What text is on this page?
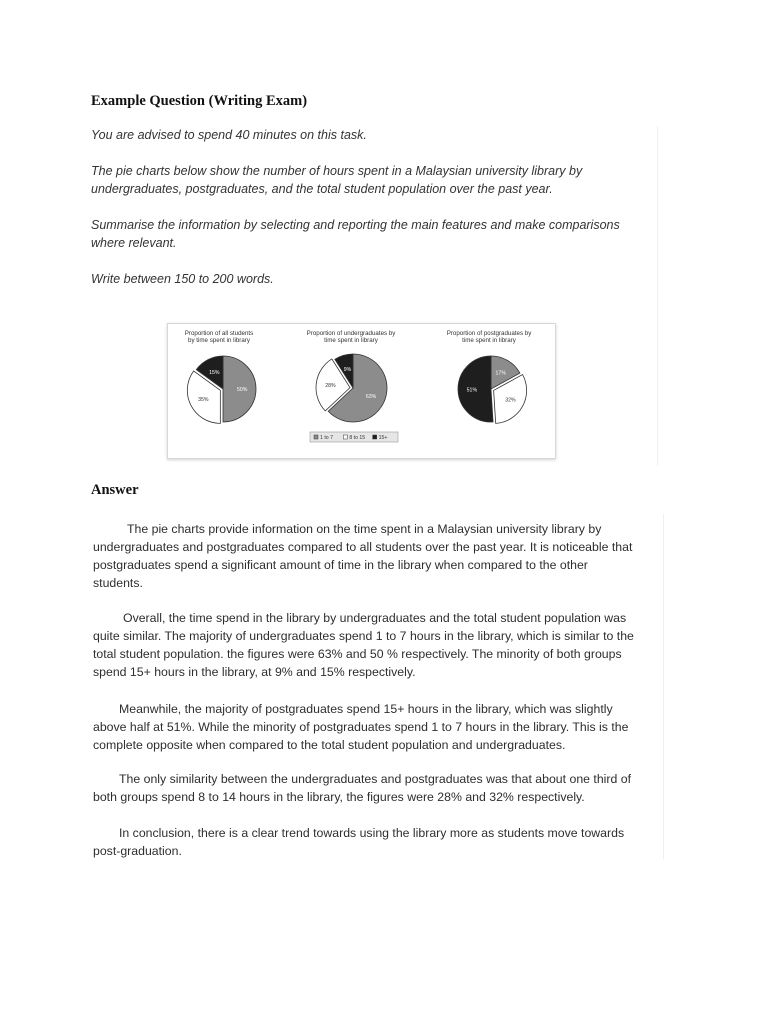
Example Question (Writing Exam)

You are advised to spend 40 minutes on this task.

The pie charts below show the number of hours spent in a Malaysian university library by undergraduates, postgraduates, and the total student population over the past year.

Summarise the information by selecting and reporting the main features and make comparisons where relevant.

Write between 150 to 200 words.

Proportion of all students
by time spent in library
50%
35%
15%
Proportion of undergraduates by
time spent in library
63%
28%
9%
Proportion of postgraduates by
time spent in library
17%
32%
51%
1 to 7	8 to 15	15+
Answer

The pie charts provide information on the time spent in a Malaysian university library by undergraduates and postgraduates compared to all students over the past year. It is noticeable that postgraduates spend a significant amount of time in the library when compared to the other students.

Overall, the time spend in the library by undergraduates and the total student population was quite similar. The majority of undergraduates spend 1 to 7 hours in the library, which is similar to the total student population. the figures were 63% and 50 % respectively. The minority of both groups spend 15+ hours in the library, at 9% and 15% respectively.

Meanwhile, the majority of postgraduates spend 15+ hours in the library, which was slightly above half at 51%. While the minority of postgraduates spend 1 to 7 hours in the library. This is the complete opposite when compared to the total student population and undergraduates.

The only similarity between the undergraduates and postgraduates was that about one third of both groups spend 8 to 14 hours in the library, the figures were 28% and 32% respectively.

In conclusion, there is a clear trend towards using the library more as students move towards post-graduation.
